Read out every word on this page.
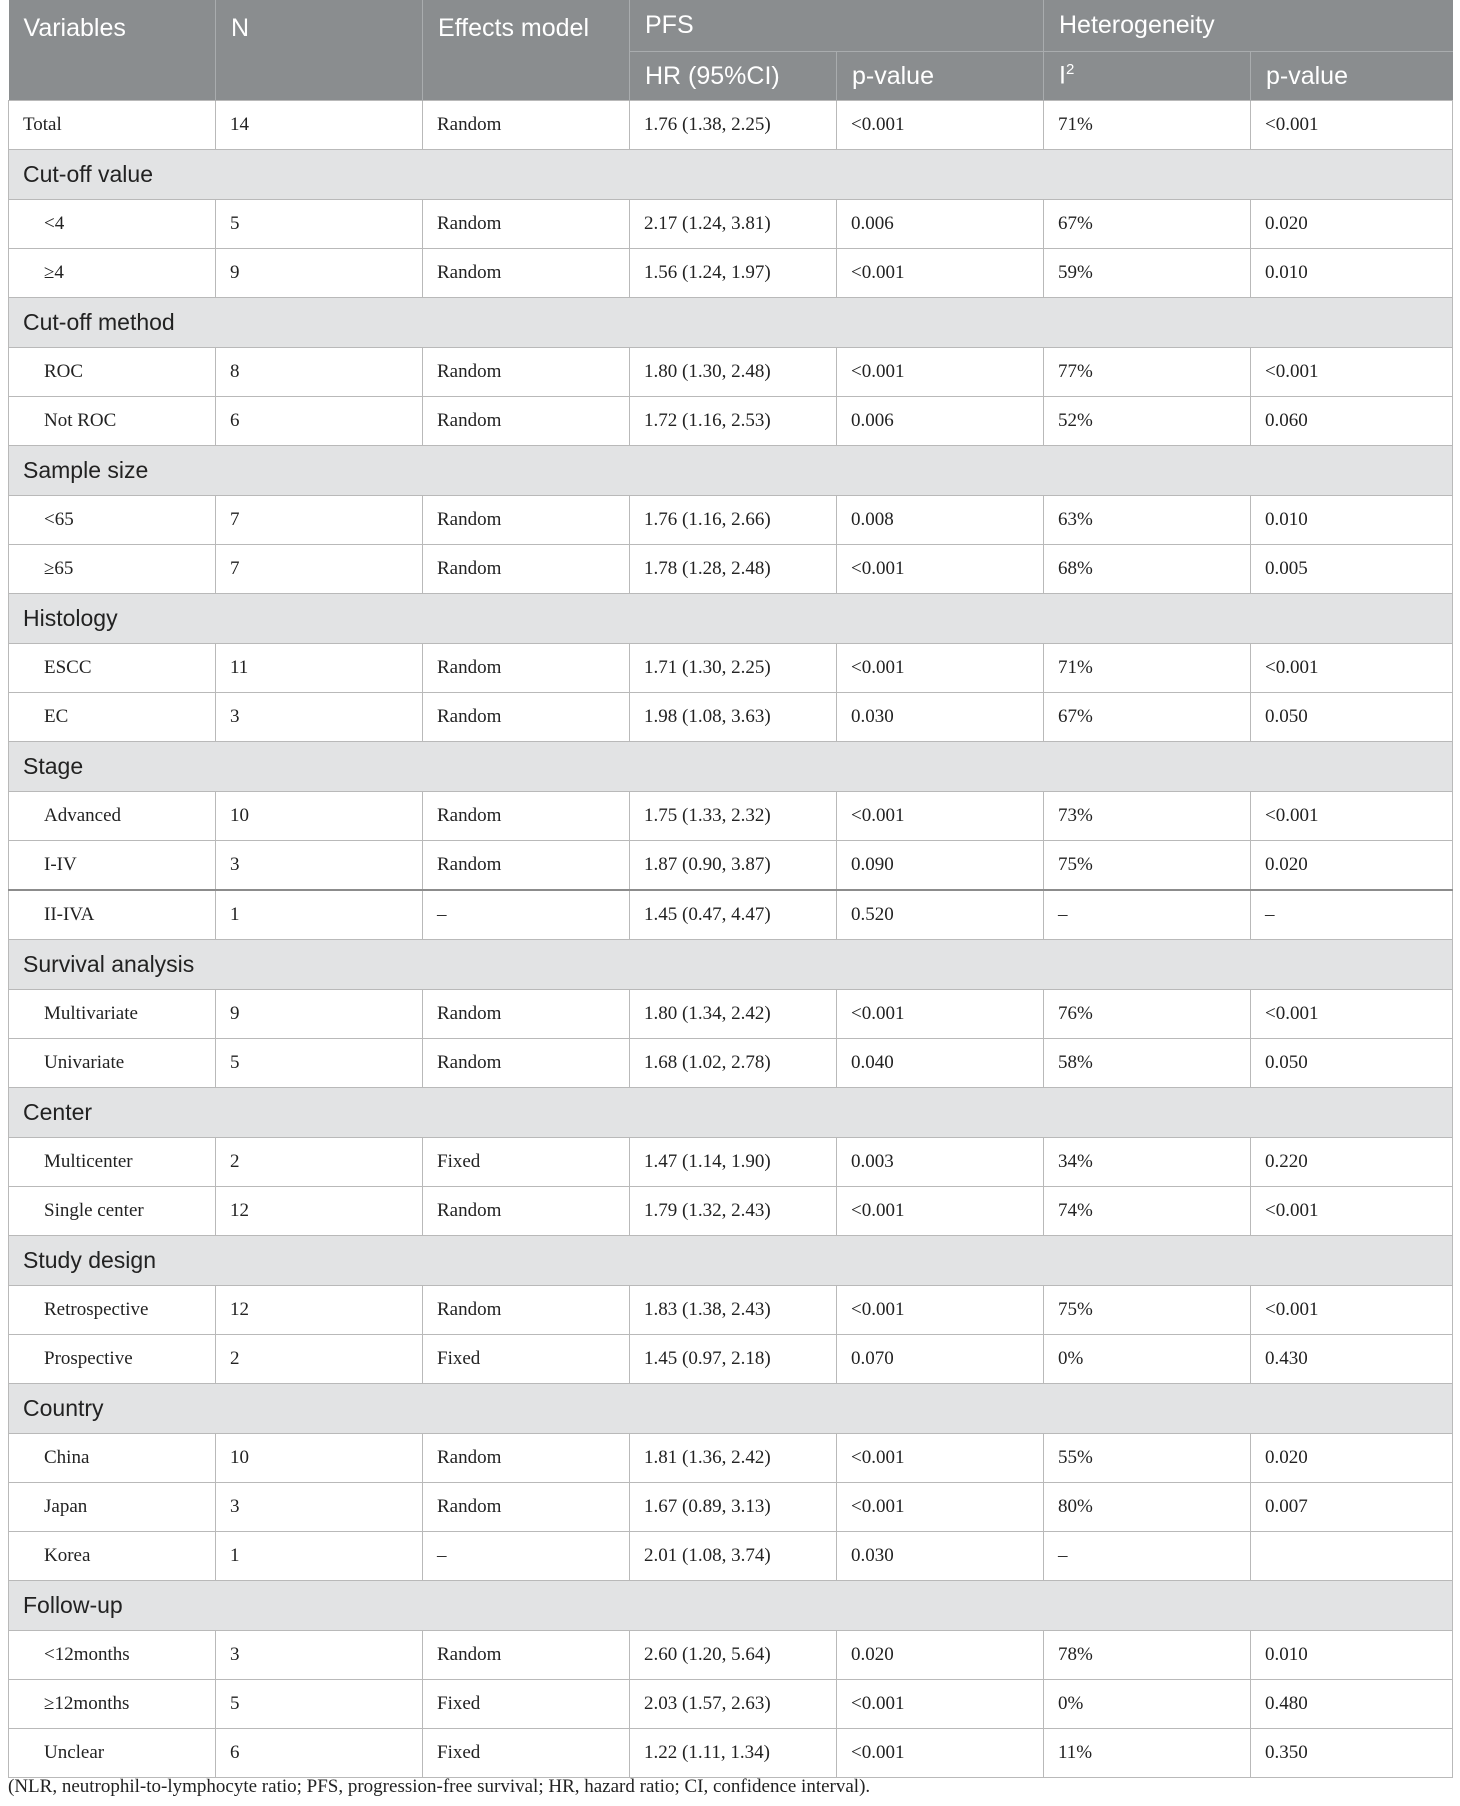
Variables	N	Effects model	PFS		Heterogeneity	
			HR (95%CI)	p-value	$I^2$	p-value
Total	14	Random	1.76 (1.38, 2.25)	<0.001	71%	<0.001
Cut-off value						
<4	5	Random	2.17 (1.24, 3.81)	0.006	67%	0.020
≥4	9	Random	1.56 (1.24, 1.97)	<0.001	59%	0.010
Cut-off method						
ROC	8	Random	1.80 (1.30, 2.48)	<0.001	77%	<0.001
Not ROC	6	Random	1.72 (1.16, 2.53)	0.006	52%	0.060
Sample size						
<65	7	Random	1.76 (1.16, 2.66)	0.008	63%	0.010
≥65	7	Random	1.78 (1.28, 2.48)	<0.001	68%	0.005
Histology						
ESCC	11	Random	1.71 (1.30, 2.25)	<0.001	71%	<0.001
EC	3	Random	1.98 (1.08, 3.63)	0.030	67%	0.050
Stage						
Advanced	10	Random	1.75 (1.33, 2.32)	<0.001	73%	<0.001
I-IV	3	Random	1.87 (0.90, 3.87)	0.090	75%	0.020
II-IVA	1	–	1.45 (0.47, 4.47)	0.520	–	–
Survival analysis						
Multivariate	9	Random	1.80 (1.34, 2.42)	<0.001	76%	<0.001
Univariate	5	Random	1.68 (1.02, 2.78)	0.040	58%	0.050
Center						
Multicenter	2	Fixed	1.47 (1.14, 1.90)	0.003	34%	0.220
Single center	12	Random	1.79 (1.32, 2.43)	<0.001	74%	<0.001
Study design						
Retrospective	12	Random	1.83 (1.38, 2.43)	<0.001	75%	<0.001
Prospective	2	Fixed	1.45 (0.97, 2.18)	0.070	0%	0.430
Country						
China	10	Random	1.81 (1.36, 2.42)	<0.001	55%	0.020
Japan	3	Random	1.67 (0.89, 3.13)	<0.001	80%	0.007
Korea	1	–	2.01 (1.08, 3.74)	0.030	–	
Follow-up						
<12months	3	Random	2.60 (1.20, 5.64)	0.020	78%	0.010
≥12months	5	Fixed	2.03 (1.57, 2.63)	<0.001	0%	0.480
Unclear	6	Fixed	1.22 (1.11, 1.34)	<0.001	11%	0.350
(NLR, neutrophil-to-lymphocyte ratio; PFS, progression-free survival; HR, hazard ratio; CI, confidence interval).
